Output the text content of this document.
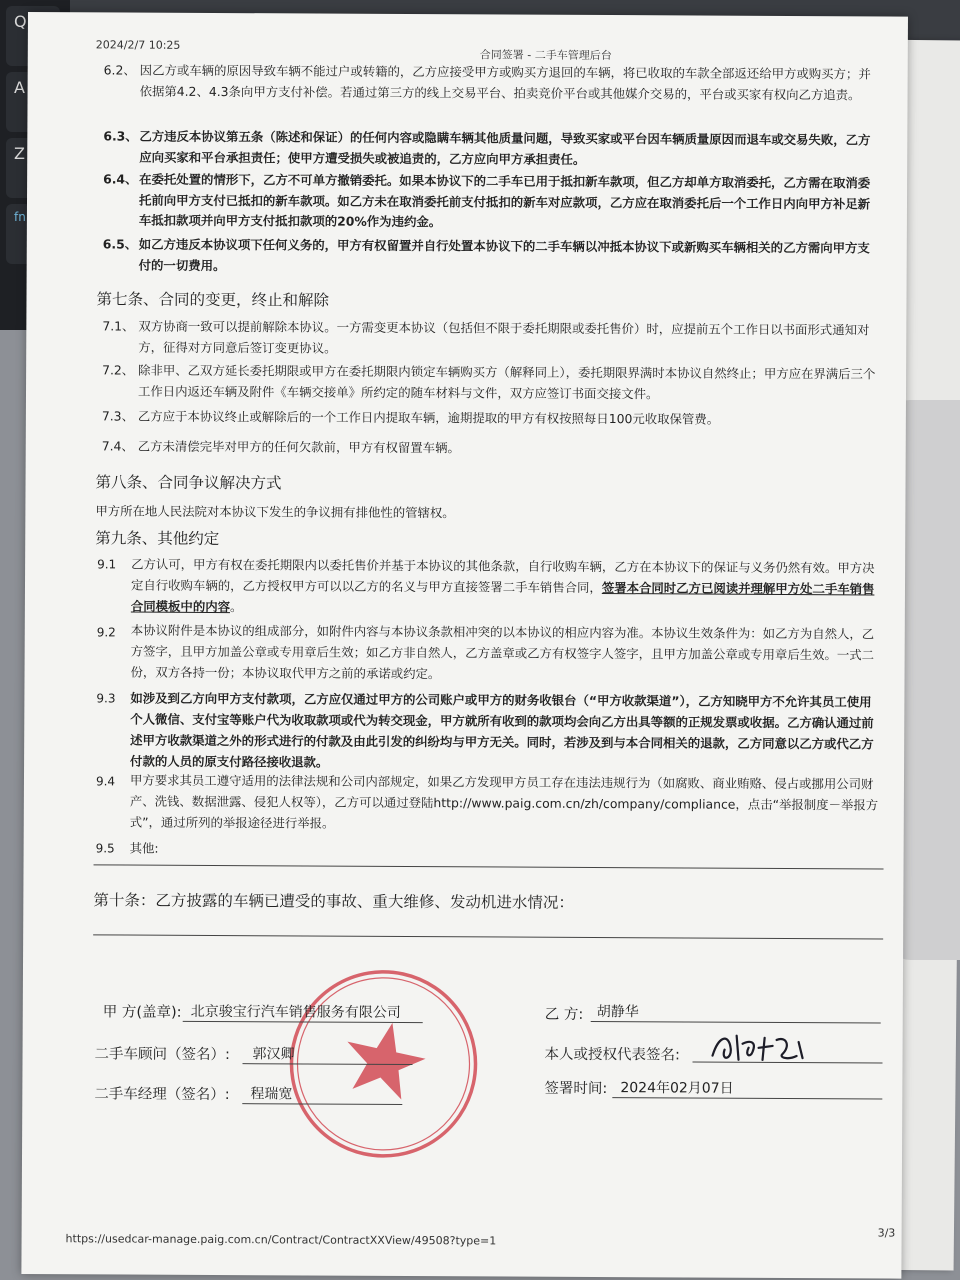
Q
A
Z
fn
2024/2/7 10:25
合同签署 - 二手车管理后台
6.2、 因乙方或车辆的原因导致车辆不能过户或转籍的，乙方应接受甲方或购买方退回的车辆，将已收取的车款全部返还给甲方或购买方；并依据第4.2、4.3条向甲方支付补偿。若通过第三方的线上交易平台、拍卖竞价平台或其他媒介交易的，平台或买家有权向乙方追责。
6.3、 乙方违反本协议第五条（陈述和保证）的任何内容或隐瞒车辆其他质量问题，导致买家或平台因车辆质量原因而退车或交易失败，乙方应向买家和平台承担责任；使甲方遭受损失或被追责的，乙方应向甲方承担责任。
6.4、 在委托处置的情形下，乙方不可单方撤销委托。如果本协议下的二手车已用于抵扣新车款项，但乙方却单方取消委托，乙方需在取消委托前向甲方支付已抵扣的新车款项。如乙方未在取消委托前支付抵扣的新车对应款项，乙方应在取消委托后一个工作日内向甲方补足新车抵扣款项并向甲方支付抵扣款项的20%作为违约金。
6.5、 如乙方违反本协议项下任何义务的，甲方有权留置并自行处置本协议下的二手车辆以冲抵本协议下或新购买车辆相关的乙方需向甲方支付的一切费用。
第七条、合同的变更，终止和解除
7.1、 双方协商一致可以提前解除本协议。一方需变更本协议（包括但不限于委托期限或委托售价）时，应提前五个工作日以书面形式通知对方，征得对方同意后签订变更协议。
7.2、 除非甲、乙双方延长委托期限或甲方在委托期限内锁定车辆购买方（解释同上），委托期限界满时本协议自然终止；甲方应在界满后三个工作日内返还车辆及附件《车辆交接单》所约定的随车材料与文件，双方应签订书面交接文件。
7.3、 乙方应于本协议终止或解除后的一个工作日内提取车辆，逾期提取的甲方有权按照每日100元收取保管费。
7.4、 乙方未清偿完毕对甲方的任何欠款前，甲方有权留置车辆。
第八条、合同争议解决方式
甲方所在地人民法院对本协议下发生的争议拥有排他性的管辖权。
第九条、其他约定
9.1 乙方认可，甲方有权在委托期限内以委托售价并基于本协议的其他条款，自行收购车辆，乙方在本协议下的保证与义务仍然有效。甲方决定自行收购车辆的，乙方授权甲方可以以乙方的名义与甲方直接签署二手车销售合同，签署本合同时乙方已阅读并理解甲方处二手车销售合同模板中的内容。
9.2 本协议附件是本协议的组成部分，如附件内容与本协议条款相冲突的以本协议的相应内容为准。本协议生效条件为：如乙方为自然人，乙方签字，且甲方加盖公章或专用章后生效；如乙方非自然人，乙方盖章或乙方有权签字人签字，且甲方加盖公章或专用章后生效。一式二份，双方各持一份；本协议取代甲方之前的承诺或约定。
9.3 如涉及到乙方向甲方支付款项，乙方应仅通过甲方的公司账户或甲方的财务收银台（“甲方收款渠道”），乙方知晓甲方不允许其员工使用个人微信、支付宝等账户代为收取款项或代为转交现金，甲方就所有收到的款项均会向乙方出具等额的正规发票或收据。乙方确认通过前述甲方收款渠道之外的形式进行的付款及由此引发的纠纷均与甲方无关。同时，若涉及到与本合同相关的退款，乙方同意以乙方或代乙方付款的人员的原支付路径接收退款。
9.4 甲方要求其员工遵守适用的法律法规和公司内部规定，如果乙方发现甲方员工存在违法违规行为（如腐败、商业贿赂、侵占或挪用公司财产、洗钱、数据泄露、侵犯人权等），乙方可以通过登陆http://www.paig.com.cn/zh/company/compliance，点击“举报制度－举报方式”，通过所列的举报途径进行举报。
9.5 其他:
第十条：乙方披露的车辆已遭受的事故、重大维修、发动机进水情况：
甲 方(盖章): 北京骏宝行汽车销售服务有限公司	乙 方: 胡静华
二手车顾问（签名）: 郭汉卿	本人或授权代表签名:
二手车经理（签名）: 程瑞宽	签署时间: 2024年02月07日
3/3
https://usedcar-manage.paig.com.cn/Contract/ContractXXView/49508?type=1
